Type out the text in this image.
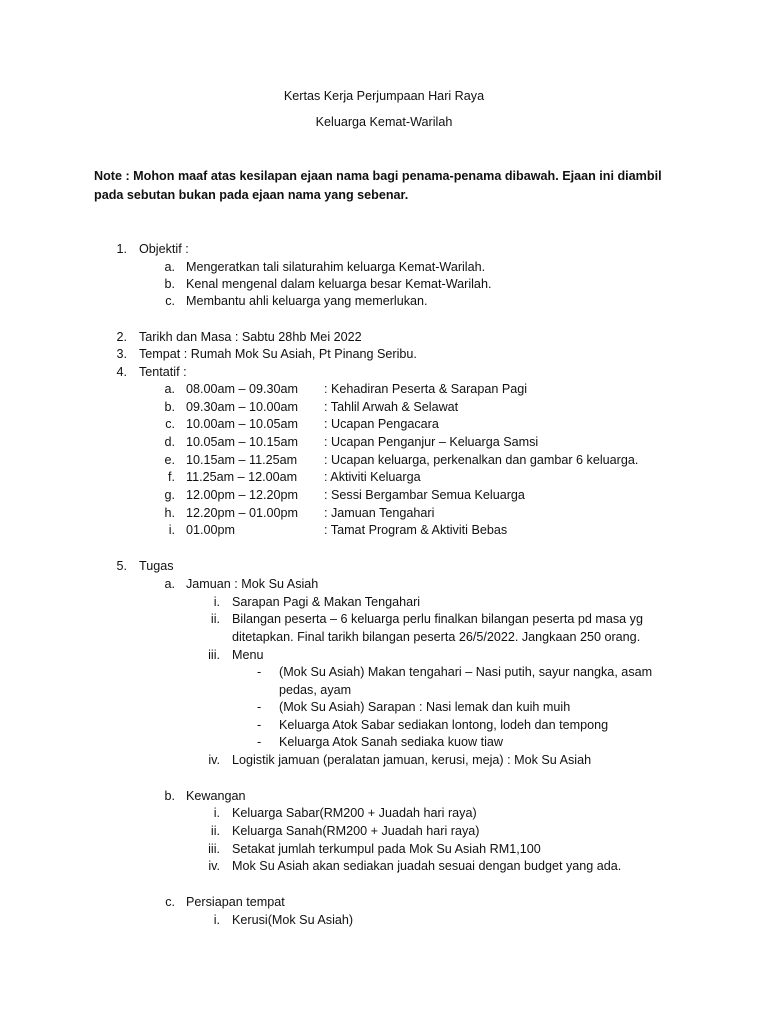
Kertas Kerja Perjumpaan Hari Raya
Keluarga Kemat-Warilah
Note : Mohon maaf atas kesilapan ejaan nama bagi penama-penama dibawah. Ejaan ini diambil
pada sebutan bukan pada ejaan nama yang sebenar.
1. Objektif :
a. Mengeratkan tali silaturahim keluarga Kemat-Warilah.
b. Kenal mengenal dalam keluarga besar Kemat-Warilah.
c. Membantu ahli keluarga yang memerlukan.
2. Tarikh dan Masa : Sabtu 28hb Mei 2022
3. Tempat : Rumah Mok Su Asiah, Pt Pinang Seribu.
4. Tentatif :
a. 08.00am – 09.30am : Kehadiran Peserta & Sarapan Pagi
b. 09.30am – 10.00am : Tahlil Arwah & Selawat
c. 10.00am – 10.05am : Ucapan Pengacara
d. 10.05am – 10.15am : Ucapan Penganjur – Keluarga Samsi
e. 10.15am – 11.25am : Ucapan keluarga, perkenalkan dan gambar 6 keluarga.
f. 11.25am – 12.00am : Aktiviti Keluarga
g. 12.00pm – 12.20pm : Sessi Bergambar Semua Keluarga
h. 12.20pm – 01.00pm : Jamuan Tengahari
i. 01.00pm	: Tamat Program & Aktiviti Bebas
5. Tugas
a. Jamuan : Mok Su Asiah
i. Sarapan Pagi & Makan Tengahari
ii. Bilangan peserta – 6 keluarga perlu finalkan bilangan peserta pd masa yg
ditetapkan. Final tarikh bilangan peserta 26/5/2022. Jangkaan 250 orang.
iii. Menu
- (Mok Su Asiah) Makan tengahari – Nasi putih, sayur nangka, asam
pedas, ayam
- (Mok Su Asiah) Sarapan : Nasi lemak dan kuih muih
- Keluarga Atok Sabar sediakan lontong, lodeh dan tempong
- Keluarga Atok Sanah sediaka kuow tiaw
iv. Logistik jamuan (peralatan jamuan, kerusi, meja) : Mok Su Asiah
b. Kewangan
i. Keluarga Sabar(RM200 + Juadah hari raya)
ii. Keluarga Sanah(RM200 + Juadah hari raya)
iii. Setakat jumlah terkumpul pada Mok Su Asiah RM1,100
iv. Mok Su Asiah akan sediakan juadah sesuai dengan budget yang ada.
c. Persiapan tempat
i. Kerusi(Mok Su Asiah)
